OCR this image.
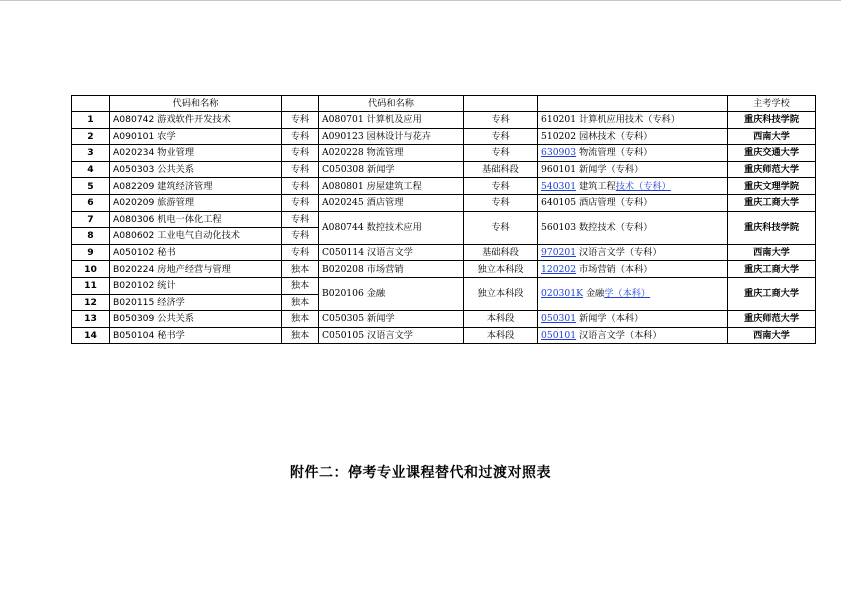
	代码和名称		代码和名称			主考学校
1	A080742 游戏软件开发技术	专科	A080701 计算机及应用	专科	610201 计算机应用技术（专科）	重庆科技学院
2	A090101 农学	专科	A090123 园林设计与花卉	专科	510202 园林技术（专科）	西南大学
3	A020234 物业管理	专科	A020228 物流管理	专科	630903 物流管理（专科）	重庆交通大学
4	A050303 公共关系	专科	C050308 新闻学	基础科段	960101 新闻学（专科）	重庆师范大学
5	A082209 建筑经济管理	专科	A080801 房屋建筑工程	专科	540301 建筑工程技术（专科）	重庆文理学院
6	A020209 旅游管理	专科	A020245 酒店管理	专科	640105 酒店管理（专科）	重庆工商大学
7	A080306 机电一体化工程	专科	A080744 数控技术应用	专科	560103 数控技术（专科）	重庆科技学院
8	A080602 工业电气自动化技术	专科				
9	A050102 秘书	专科	C050114 汉语言文学	基础科段	970201 汉语言文学（专科）	西南大学
10	B020224 房地产经营与管理	独本	B020208 市场营销	独立本科段	120202 市场营销（本科）	重庆工商大学
11	B020102 统计	独本	B020106 金融	独立本科段	020301K 金融学（本科）	重庆工商大学
12	B020115 经济学	独本				
13	B050309 公共关系	独本	C050305 新闻学	本科段	050301 新闻学（本科）	重庆师范大学
14	B050104 秘书学	独本	C050105 汉语言文学	本科段	050101 汉语言文学（本科）	西南大学
附件二：停考专业课程替代和过渡对照表
